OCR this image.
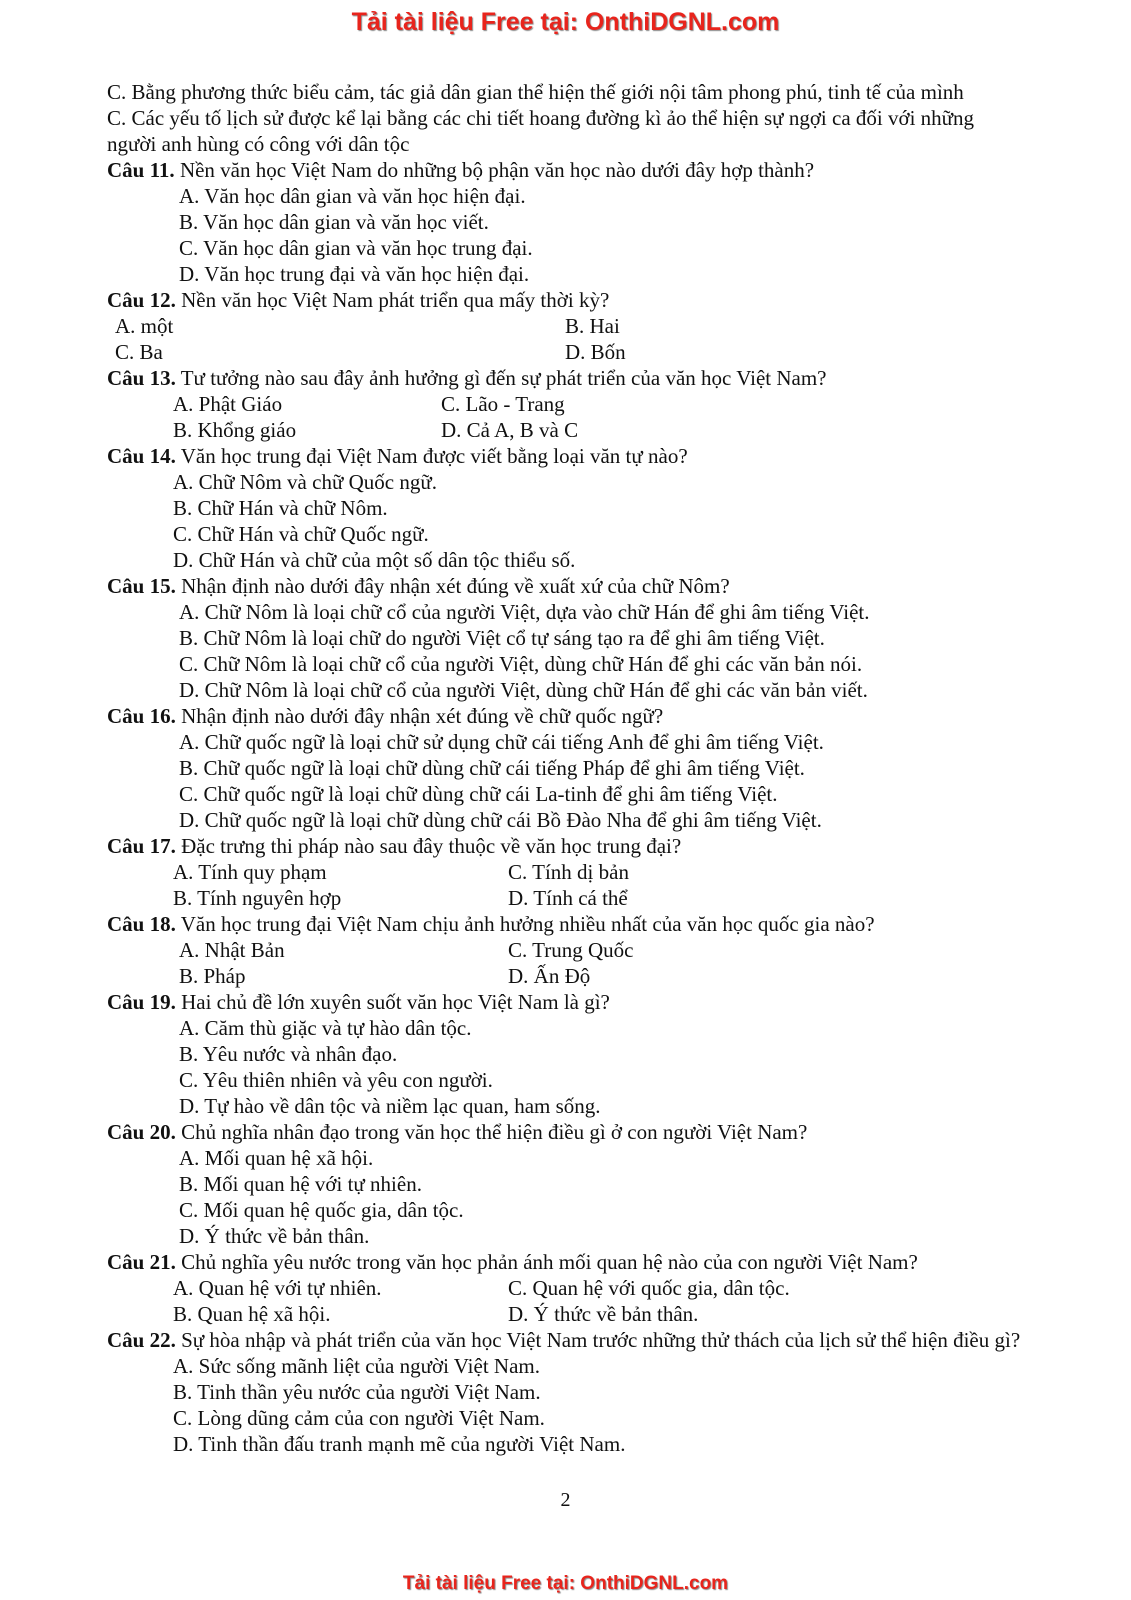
Tải tài liệu Free tại: OnthiDGNL.com
C. Bằng phương thức biểu cảm, tác giả dân gian thể hiện thế giới nội tâm phong phú, tinh tế của mình
C. Các yếu tố lịch sử được kể lại bằng các chi tiết hoang đường kì ảo thể hiện sự ngợi ca đối với những người anh hùng có công với dân tộc
Câu 11. Nền văn học Việt Nam do những bộ phận văn học nào dưới đây hợp thành?
A. Văn học dân gian và văn học hiện đại.
B. Văn học dân gian và văn học viết.
C. Văn học dân gian và văn học trung đại.
D. Văn học trung đại và văn học hiện đại.
Câu 12. Nền văn học Việt Nam phát triển qua mấy thời kỳ?
A. một	B. Hai
C. Ba	D. Bốn
Câu 13. Tư tưởng nào sau đây ảnh hưởng gì đến sự phát triển của văn học Việt Nam?
A. Phật Giáo	C. Lão - Trang
B. Khổng giáo	D. Cả A, B và C
Câu 14. Văn học trung đại Việt Nam được viết bằng loại văn tự nào?
A. Chữ Nôm và chữ Quốc ngữ.
B. Chữ Hán và chữ Nôm.
C. Chữ Hán và chữ Quốc ngữ.
D. Chữ Hán và chữ của một số dân tộc thiểu số.
Câu 15. Nhận định nào dưới đây nhận xét đúng về xuất xứ của chữ Nôm?
A. Chữ Nôm là loại chữ cổ của người Việt, dựa vào chữ Hán để ghi âm tiếng Việt.
B. Chữ Nôm là loại chữ do người Việt cổ tự sáng tạo ra để ghi âm tiếng Việt.
C. Chữ Nôm là loại chữ cổ của người Việt, dùng chữ Hán để ghi các văn bản nói.
D. Chữ Nôm là loại chữ cổ của người Việt, dùng chữ Hán để ghi các văn bản viết.
Câu 16. Nhận định nào dưới đây nhận xét đúng về chữ quốc ngữ?
A. Chữ quốc ngữ là loại chữ sử dụng chữ cái tiếng Anh để ghi âm tiếng Việt.
B. Chữ quốc ngữ là loại chữ dùng chữ cái tiếng Pháp để ghi âm tiếng Việt.
C. Chữ quốc ngữ là loại chữ dùng chữ cái La-tinh để ghi âm tiếng Việt.
D. Chữ quốc ngữ là loại chữ dùng chữ cái Bồ Đào Nha để ghi âm tiếng Việt.
Câu 17. Đặc trưng thi pháp nào sau đây thuộc về văn học trung đại?
A. Tính quy phạm	C. Tính dị bản
B. Tính nguyên hợp	D. Tính cá thể
Câu 18. Văn học trung đại Việt Nam chịu ảnh hưởng nhiều nhất của văn học quốc gia nào?
A. Nhật Bản	C. Trung Quốc
B. Pháp	D. Ấn Độ
Câu 19. Hai chủ đề lớn xuyên suốt văn học Việt Nam là gì?
A. Căm thù giặc và tự hào dân tộc.
B. Yêu nước và nhân đạo.
C. Yêu thiên nhiên và yêu con người.
D. Tự hào về dân tộc và niềm lạc quan, ham sống.
Câu 20. Chủ nghĩa nhân đạo trong văn học thể hiện điều gì ở con người Việt Nam?
A. Mối quan hệ xã hội.
B. Mối quan hệ với tự nhiên.
C. Mối quan hệ quốc gia, dân tộc.
D. Ý thức về bản thân.
Câu 21. Chủ nghĩa yêu nước trong văn học phản ánh mối quan hệ nào của con người Việt Nam?
A. Quan hệ với tự nhiên.	C. Quan hệ với quốc gia, dân tộc.
B. Quan hệ xã hội.	D. Ý thức về bản thân.
Câu 22. Sự hòa nhập và phát triển của văn học Việt Nam trước những thử thách của lịch sử thể hiện điều gì?
A. Sức sống mãnh liệt của người Việt Nam.
B. Tinh thần yêu nước của người Việt Nam.
C. Lòng dũng cảm của con người Việt Nam.
D. Tinh thần đấu tranh mạnh mẽ của người Việt Nam.
2
Tải tài liệu Free tại: OnthiDGNL.com
